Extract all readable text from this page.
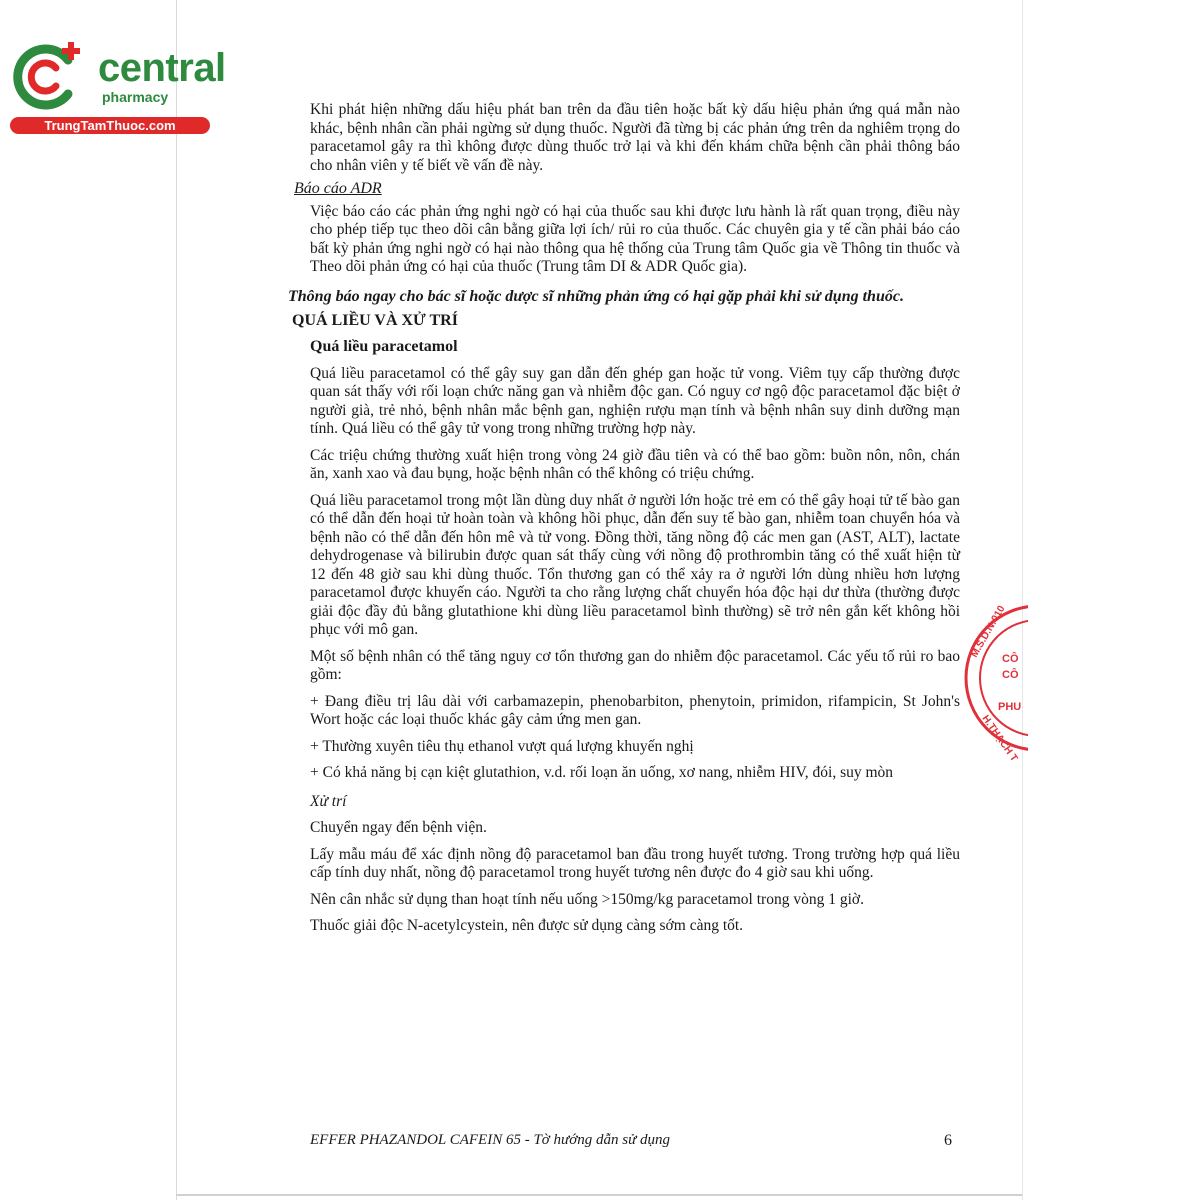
central
pharmacy
TrungTamThuoc.com
M.S.D.N:010
CÔ
CÔ
PHU
H.THẠCH T

Khi phát hiện những dấu hiệu phát ban trên da đầu tiên hoặc bất kỳ dấu hiệu phản ứng quá mẫn nào khác, bệnh nhân cần phải ngừng sử dụng thuốc. Người đã từng bị các phản ứng trên da nghiêm trọng do paracetamol gây ra thì không được dùng thuốc trở lại và khi đến khám chữa bệnh cần phải thông báo cho nhân viên y tế biết về vấn đề này.

Báo cáo ADR

Việc báo cáo các phản ứng nghi ngờ có hại của thuốc sau khi được lưu hành là rất quan trọng, điều này cho phép tiếp tục theo dõi cân bằng giữa lợi ích/ rủi ro của thuốc. Các chuyên gia y tế cần phải báo cáo bất kỳ phản ứng nghi ngờ có hại nào thông qua hệ thống của Trung tâm Quốc gia về Thông tin thuốc và Theo dõi phản ứng có hại của thuốc (Trung tâm DI & ADR Quốc gia).

Thông báo ngay cho bác sĩ hoặc dược sĩ những phản ứng có hại gặp phải khi sử dụng thuốc.

QUÁ LIỀU VÀ XỬ TRÍ
Quá liều paracetamol

Quá liều paracetamol có thể gây suy gan dẫn đến ghép gan hoặc tử vong. Viêm tụy cấp thường được quan sát thấy với rối loạn chức năng gan và nhiễm độc gan. Có nguy cơ ngộ độc paracetamol đặc biệt ở người già, trẻ nhỏ, bệnh nhân mắc bệnh gan, nghiện rượu mạn tính và bệnh nhân suy dinh dưỡng mạn tính. Quá liều có thể gây tử vong trong những trường hợp này.

Các triệu chứng thường xuất hiện trong vòng 24 giờ đầu tiên và có thể bao gồm: buồn nôn, nôn, chán ăn, xanh xao và đau bụng, hoặc bệnh nhân có thể không có triệu chứng.

Quá liều paracetamol trong một lần dùng duy nhất ở người lớn hoặc trẻ em có thể gây hoại tử tế bào gan có thể dẫn đến hoại tử hoàn toàn và không hồi phục, dẫn đến suy tế bào gan, nhiễm toan chuyển hóa và bệnh não có thể dẫn đến hôn mê và tử vong. Đồng thời, tăng nồng độ các men gan (AST, ALT), lactate dehydrogenase và bilirubin được quan sát thấy cùng với nồng độ prothrombin tăng có thể xuất hiện từ 12 đến 48 giờ sau khi dùng thuốc. Tổn thương gan có thể xảy ra ở người lớn dùng nhiều hơn lượng paracetamol được khuyến cáo. Người ta cho rằng lượng chất chuyển hóa độc hại dư thừa (thường được giải độc đầy đủ bằng glutathione khi dùng liều paracetamol bình thường) sẽ trở nên gắn kết không hồi phục với mô gan.

Một số bệnh nhân có thể tăng nguy cơ tổn thương gan do nhiễm độc paracetamol. Các yếu tố rủi ro bao gồm:

+ Đang điều trị lâu dài với carbamazepin, phenobarbiton, phenytoin, primidon, rifampicin, St John's Wort hoặc các loại thuốc khác gây cảm ứng men gan.

+ Thường xuyên tiêu thụ ethanol vượt quá lượng khuyến nghị

+ Có khả năng bị cạn kiệt glutathion, v.d. rối loạn ăn uống, xơ nang, nhiễm HIV, đói, suy mòn

Xử trí

Chuyển ngay đến bệnh viện.

Lấy mẫu máu để xác định nồng độ paracetamol ban đầu trong huyết tương. Trong trường hợp quá liều cấp tính duy nhất, nồng độ paracetamol trong huyết tương nên được đo 4 giờ sau khi uống.

Nên cân nhắc sử dụng than hoạt tính nếu uống >150mg/kg paracetamol trong vòng 1 giờ.

Thuốc giải độc N-acetylcystein, nên được sử dụng càng sớm càng tốt.

EFFER PHAZANDOL CAFEIN 65 - Tờ hướng dẫn sử dụng	6
